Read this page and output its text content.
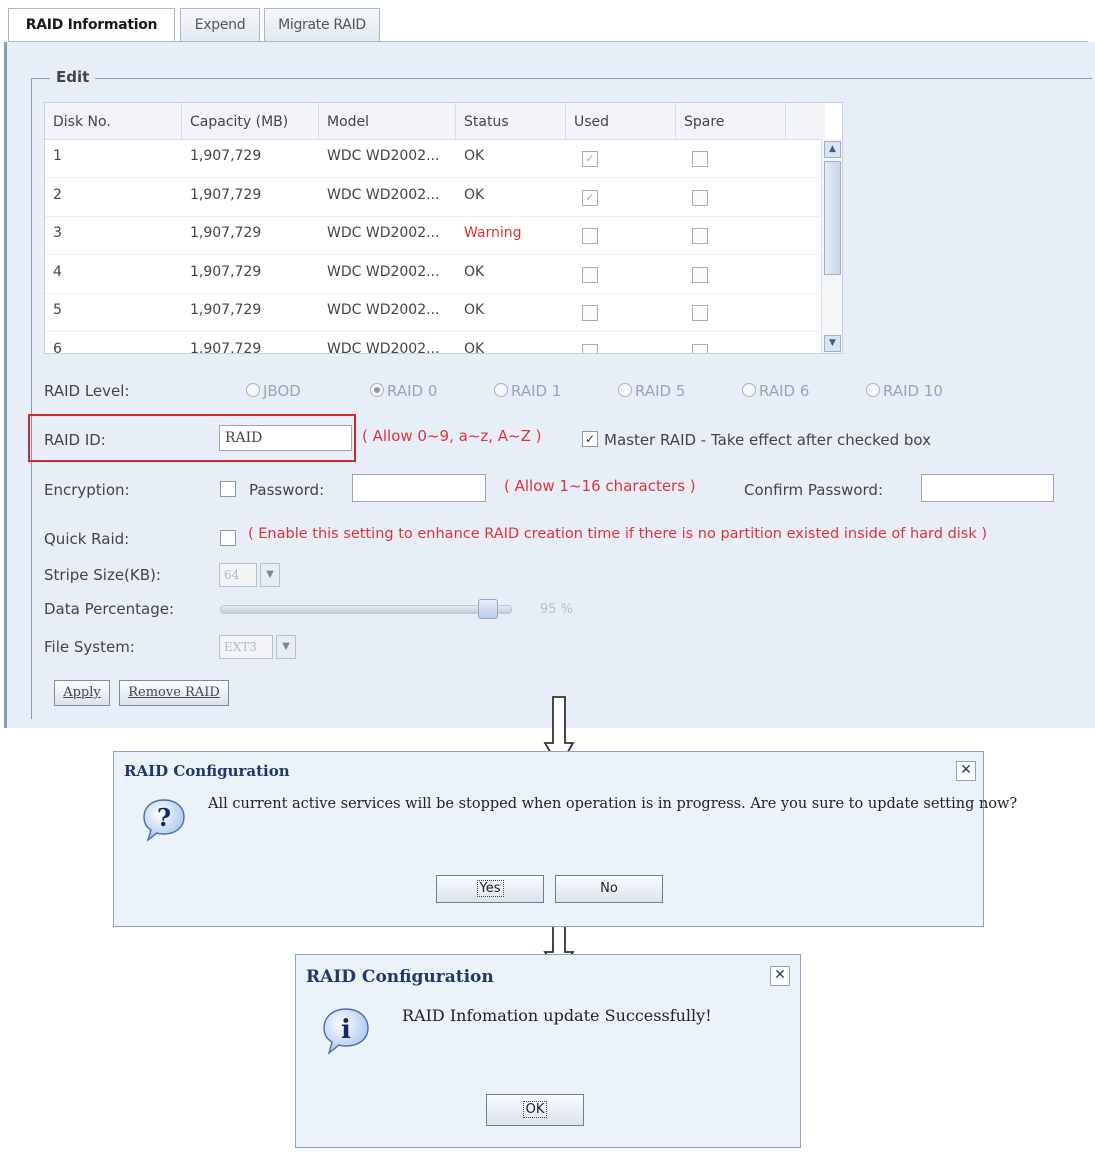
RAID Information	Expend	Migrate RAID
Edit
Disk No.	Capacity (MB)	Model	Status	Used	Spare
1	1,907,729	WDC WD2002...	OK	✓
2	1,907,729	WDC WD2002...	OK	✓
3	1,907,729	WDC WD2002...	Warning
4	1,907,729	WDC WD2002...	OK
5	1,907,729	WDC WD2002...	OK
6	1.907.729	WDC WD2002...	OK
▲
▼
RAID Level:	JBOD	RAID 0	RAID 1	RAID 5	RAID 6	RAID 10
RAID ID:
RAID	( Allow 0~9, a~z, A~Z )	✓ Master RAID - Take effect after checked box
Encryption:	Password:	( Allow 1~16 characters )	Confirm Password:
Quick Raid:	( Enable this setting to enhance RAID creation time if there is no partition existed inside of hard disk )
Stripe Size(KB):	64	▼
Data Percentage:	95 %
File System:	EXT3	▼
Apply	Remove RAID
RAID Configuration	✕
?	All current active services will be stopped when operation is in progress. Are you sure to update setting now?
Yes	No
RAID Configuration	✕
i	RAID Infomation update Successfully!
OK
